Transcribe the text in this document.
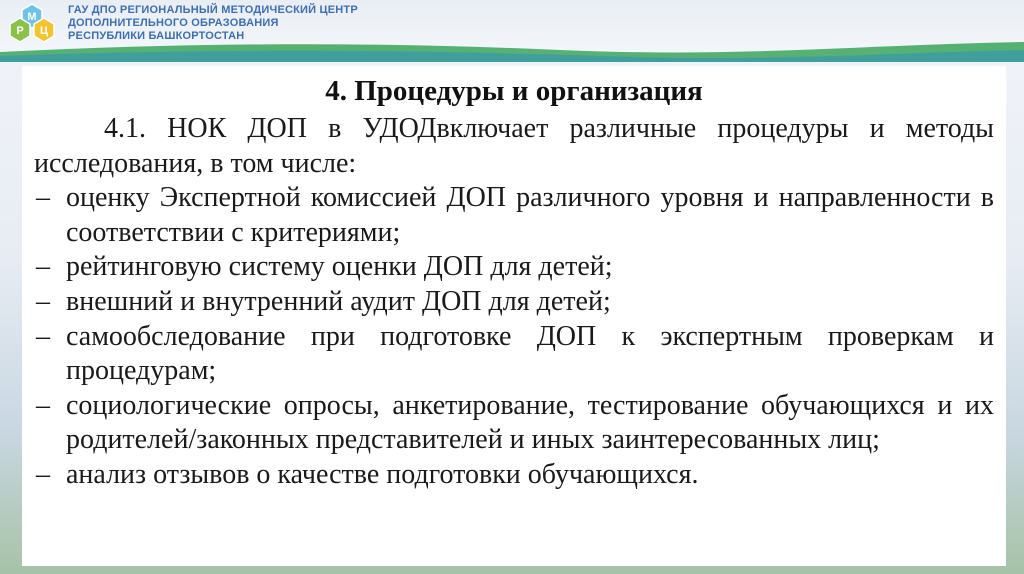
М
Р Ц
ГАУ ДПО РЕГИОНАЛЬНЫЙ МЕТОДИЧЕСКИЙ ЦЕНТР
ДОПОЛНИТЕЛЬНОГО ОБРАЗОВАНИЯ
РЕСПУБЛИКИ БАШКОРТОСТАН
4. Процедуры и организация

4.1. НОК ДОП в УДОДвключает различные процедуры и методы исследования, в том числе:

– оценку Экспертной комиссией ДОП различного уровня и направленности в соответствии с критериями;
– рейтинговую систему оценки ДОП для детей;
– внешний и внутренний аудит ДОП для детей;
– самообследование при подготовке ДОП к экспертным проверкам и процедурам;
– социологические опросы, анкетирование, тестирование обучающихся и их родителей/законных представителей и иных заинтересованных лиц;
– анализ отзывов о качестве подготовки обучающихся.
